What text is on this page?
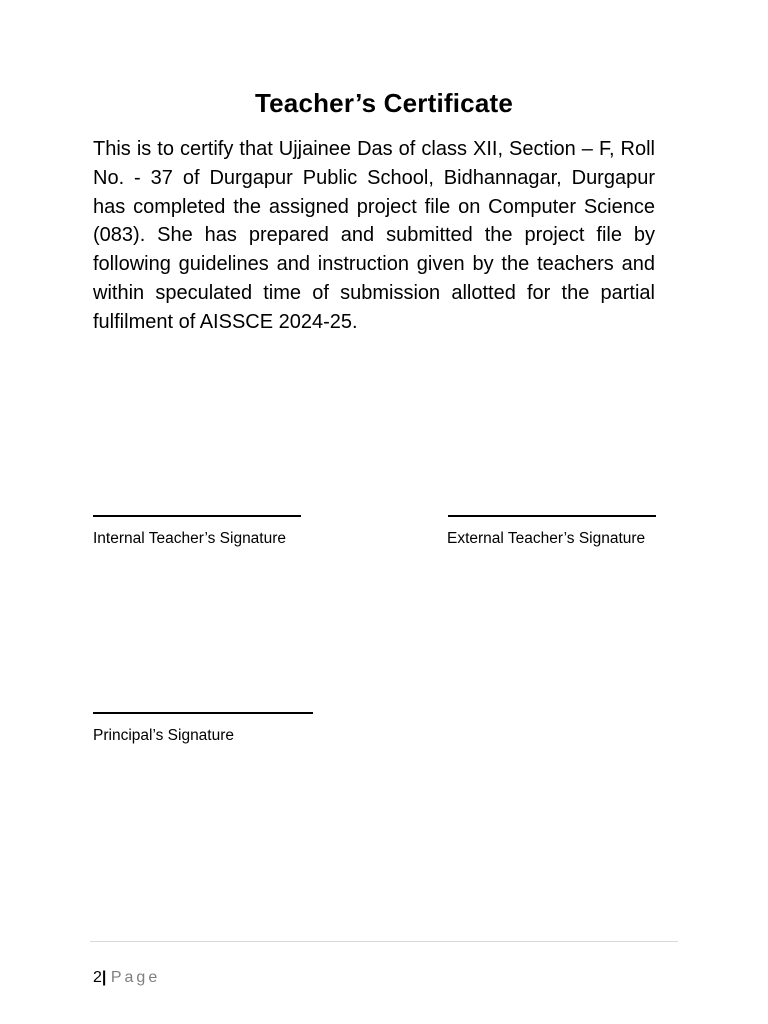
Teacher’s Certificate
This is to certify that Ujjainee Das of class XII, Section – F, Roll No. - 37 of Durgapur Public School, Bidhannagar, Durgapur has completed the assigned project file on Computer Science (083). She has prepared and submitted the project file by following guidelines and instruction given by the teachers and within speculated time of submission allotted for the partial fulfilment of AISSCE 2024-25.
Internal Teacher’s Signature	External Teacher’s Signature
Principal’s Signature
2| Page
